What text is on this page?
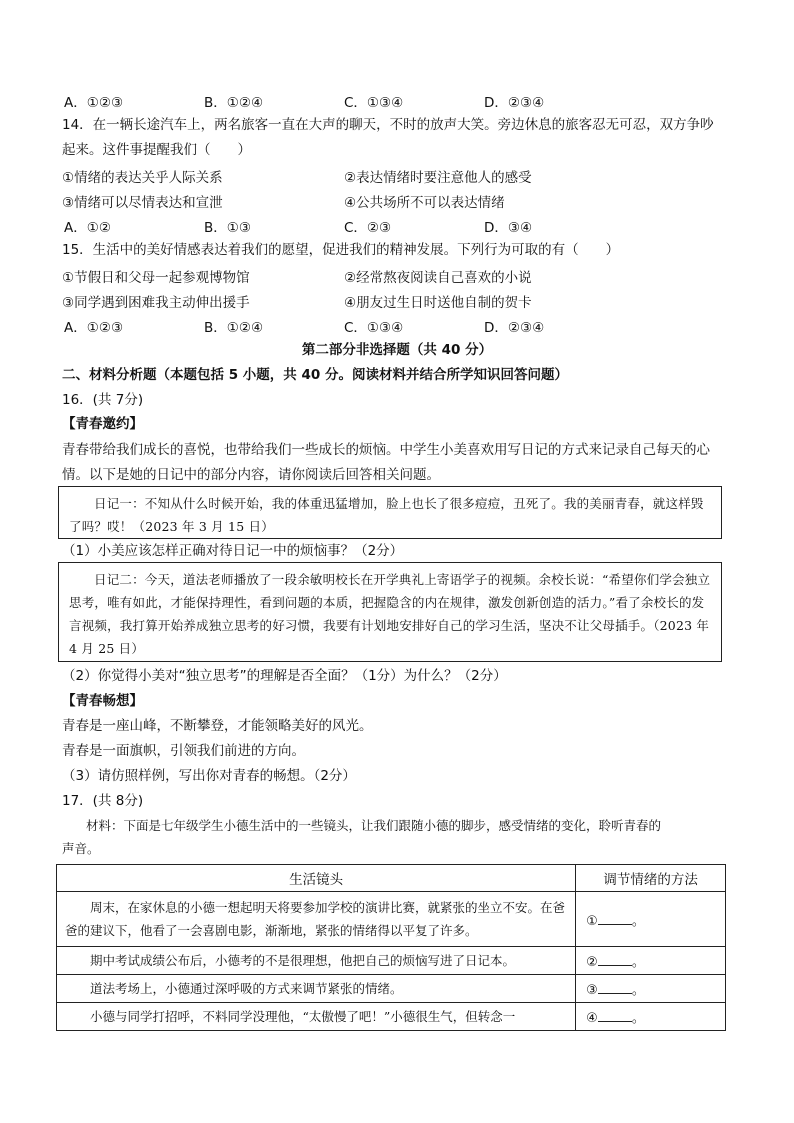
A．①②③	B．①②④	C．①③④	D．②③④
14．在一辆长途汽车上，两名旅客一直在大声的聊天，不时的放声大笑。旁边休息的旅客忍无可忍，双方争吵
起来。这件事提醒我们（　　）
①情绪的表达关乎人际关系	②表达情绪时要注意他人的感受
③情绪可以尽情表达和宣泄	④公共场所不可以表达情绪
A．①②	B．①③	C．②③	D．③④
15．生活中的美好情感表达着我们的愿望，促进我们的精神发展。下列行为可取的有（　　）
①节假日和父母一起参观博物馆	②经常熬夜阅读自己喜欢的小说
③同学遇到困难我主动伸出援手	④朋友过生日时送他自制的贺卡
A．①②③	B．①②④	C．①③④	D．②③④
第二部分非选择题（共 40 分）
二、材料分析题（本题包括 5 小题，共 40 分。阅读材料并结合所学知识回答问题）
16．(共 7分)
【青春邀约】
青春带给我们成长的喜悦，也带给我们一些成长的烦恼。中学生小美喜欢用写日记的方式来记录自己每天的心
情。以下是她的日记中的部分内容，请你阅读后回答相关问题。

日记一：不知从什么时候开始，我的体重迅猛增加，脸上也长了很多痘痘，丑死了。我的美丽青春，就这样毁了吗？哎！（2023 年 3 月 15 日）

（1）小美应该怎样正确对待日记一中的烦恼事？（2分）

日记二：今天，道法老师播放了一段余敏明校长在开学典礼上寄语学子的视频。余校长说：“希望你们学会独立思考，唯有如此，才能保持理性，看到问题的本质，把握隐含的内在规律，激发创新创造的活力。”看了余校长的发言视频，我打算开始养成独立思考的好习惯，我要有计划地安排好自己的学习生活，坚决不让父母插手。（2023 年 4 月 25 日）

（2）你觉得小美对“独立思考”的理解是否全面？（1分）为什么？（2分）
【青春畅想】
青春是一座山峰，不断攀登，才能领略美好的风光。
青春是一面旗帜，引领我们前进的方向。
（3）请仿照样例，写出你对青春的畅想。（2分）
17．(共 8分)
材料：下面是七年级学生小德生活中的一些镜头，让我们跟随小德的脚步，感受情绪的变化，聆听青春的
声音。
生活镜头	调节情绪的方法
周末，在家休息的小德一想起明天将要参加学校的演讲比赛，就紧张的坐立不安。在爸爸的建议下，他看了一会喜剧电影，渐渐地，紧张的情绪得以平复了许多。	① 。
期中考试成绩公布后，小德考的不是很理想，他把自己的烦恼写进了日记本。	② 。
道法考场上，小德通过深呼吸的方式来调节紧张的情绪。	③ 。
小德与同学打招呼，不料同学没理他，“太傲慢了吧！”小德很生气，但转念一	④ 。
